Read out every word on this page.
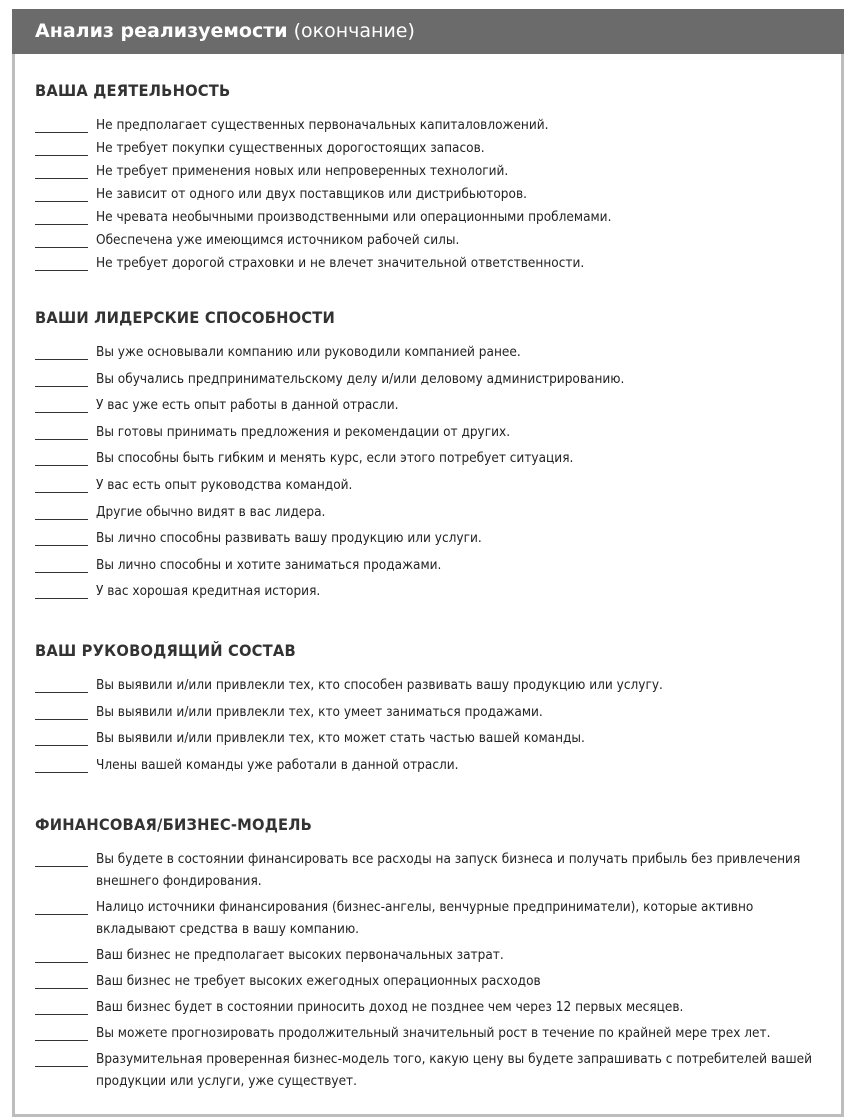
Анализ реализуемости (окончание)
ВАША ДЕЯТЕЛЬНОСТЬ
Не предполагает существенных первоначальных капиталовложений.
Не требует покупки существенных дорогостоящих запасов.
Не требует применения новых или непроверенных технологий.
Не зависит от одного или двух поставщиков или дистрибьюторов.
Не чревата необычными производственными или операционными проблемами.
Обеспечена уже имеющимся источником рабочей силы.
Не требует дорогой страховки и не влечет значительной ответственности.
ВАШИ ЛИДЕРСКИЕ СПОСОБНОСТИ
Вы уже основывали компанию или руководили компанией ранее.
Вы обучались предпринимательскому делу и/или деловому администрированию.
У вас уже есть опыт работы в данной отрасли.
Вы готовы принимать предложения и рекомендации от других.
Вы способны быть гибким и менять курс, если этого потребует ситуация.
У вас есть опыт руководства командой.
Другие обычно видят в вас лидера.
Вы лично способны развивать вашу продукцию или услуги.
Вы лично способны и хотите заниматься продажами.
У вас хорошая кредитная история.
ВАШ РУКОВОДЯЩИЙ СОСТАВ
Вы выявили и/или привлекли тех, кто способен развивать вашу продукцию или услугу.
Вы выявили и/или привлекли тех, кто умеет заниматься продажами.
Вы выявили и/или привлекли тех, кто может стать частью вашей команды.
Члены вашей команды уже работали в данной отрасли.
ФИНАНСОВАЯ/БИЗНЕС-МОДЕЛЬ
Вы будете в состоянии финансировать все расходы на запуск бизнеса и получать прибыль без привлечения внешнего фондирования.
Налицо источники финансирования (бизнес-ангелы, венчурные предприниматели), которые активно вкладывают средства в вашу компанию.
Ваш бизнес не предполагает высоких первоначальных затрат.
Ваш бизнес не требует высоких ежегодных операционных расходов
Ваш бизнес будет в состоянии приносить доход не позднее чем через 12 первых месяцев.
Вы можете прогнозировать продолжительный значительный рост в течение по крайней мере трех лет.
Вразумительная проверенная бизнес-модель того, какую цену вы будете запрашивать с потребителей вашей продукции или услуги, уже существует.
